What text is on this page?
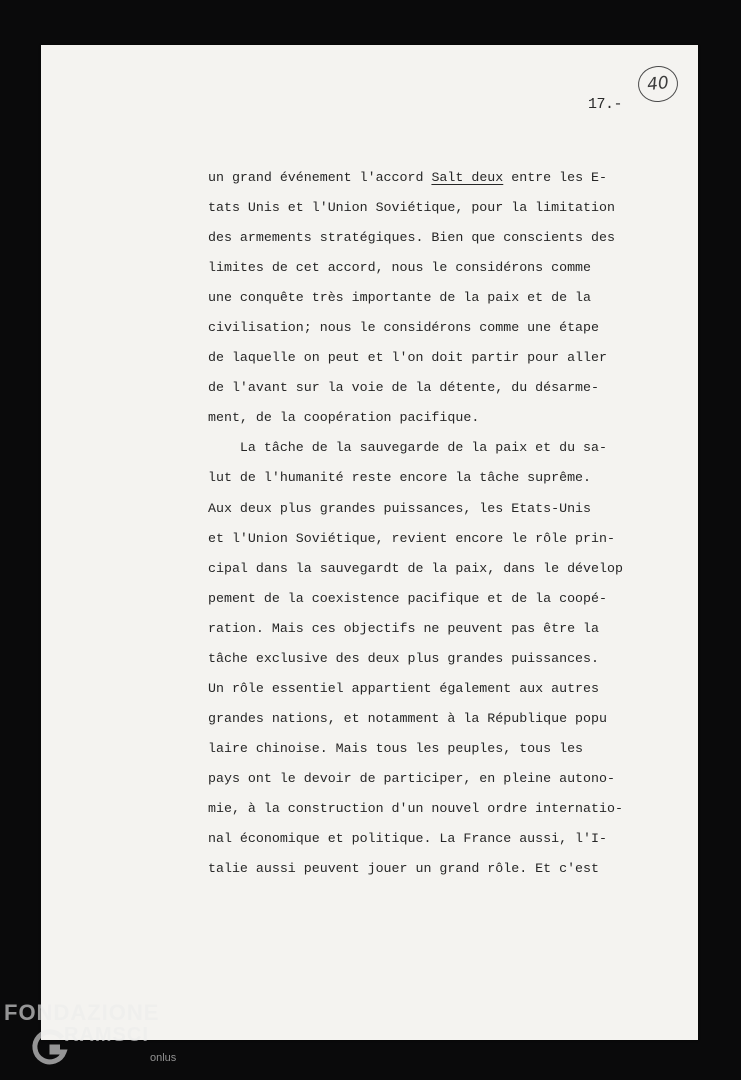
40
17.-
un grand événement l'accord Salt deux entre les E-
tats Unis et l'Union Soviétique, pour la limitation
des armements stratégiques. Bien que conscients des
limites de cet accord, nous le considérons comme
une conquête très importante de la paix et de la
civilisation; nous le considérons comme une étape
de laquelle on peut et l'on doit partir pour aller
de l'avant sur la voie de la détente, du désarme-
ment, de la coopération pacifique.
La tâche de la sauvegarde de la paix et du sa-
lut de l'humanité reste encore la tâche suprême.
Aux deux plus grandes puissances, les Etats-Unis
et l'Union Soviétique, revient encore le rôle prin-
cipal dans la sauvegardt de la paix, dans le dévelop
pement de la coexistence pacifique et de la coopé-
ration. Mais ces objectifs ne peuvent pas être la
tâche exclusive des deux plus grandes puissances.
Un rôle essentiel appartient également aux autres
grandes nations, et notamment à la République popu
laire chinoise. Mais tous les peuples, tous les
pays ont le devoir de participer, en pleine autono-
mie, à la construction d'un nouvel ordre internatio-
nal économique et politique. La France aussi, l'I-
talie aussi peuvent jouer un grand rôle. Et c'est
FONDAZIONE
RAMSCI
onlus
